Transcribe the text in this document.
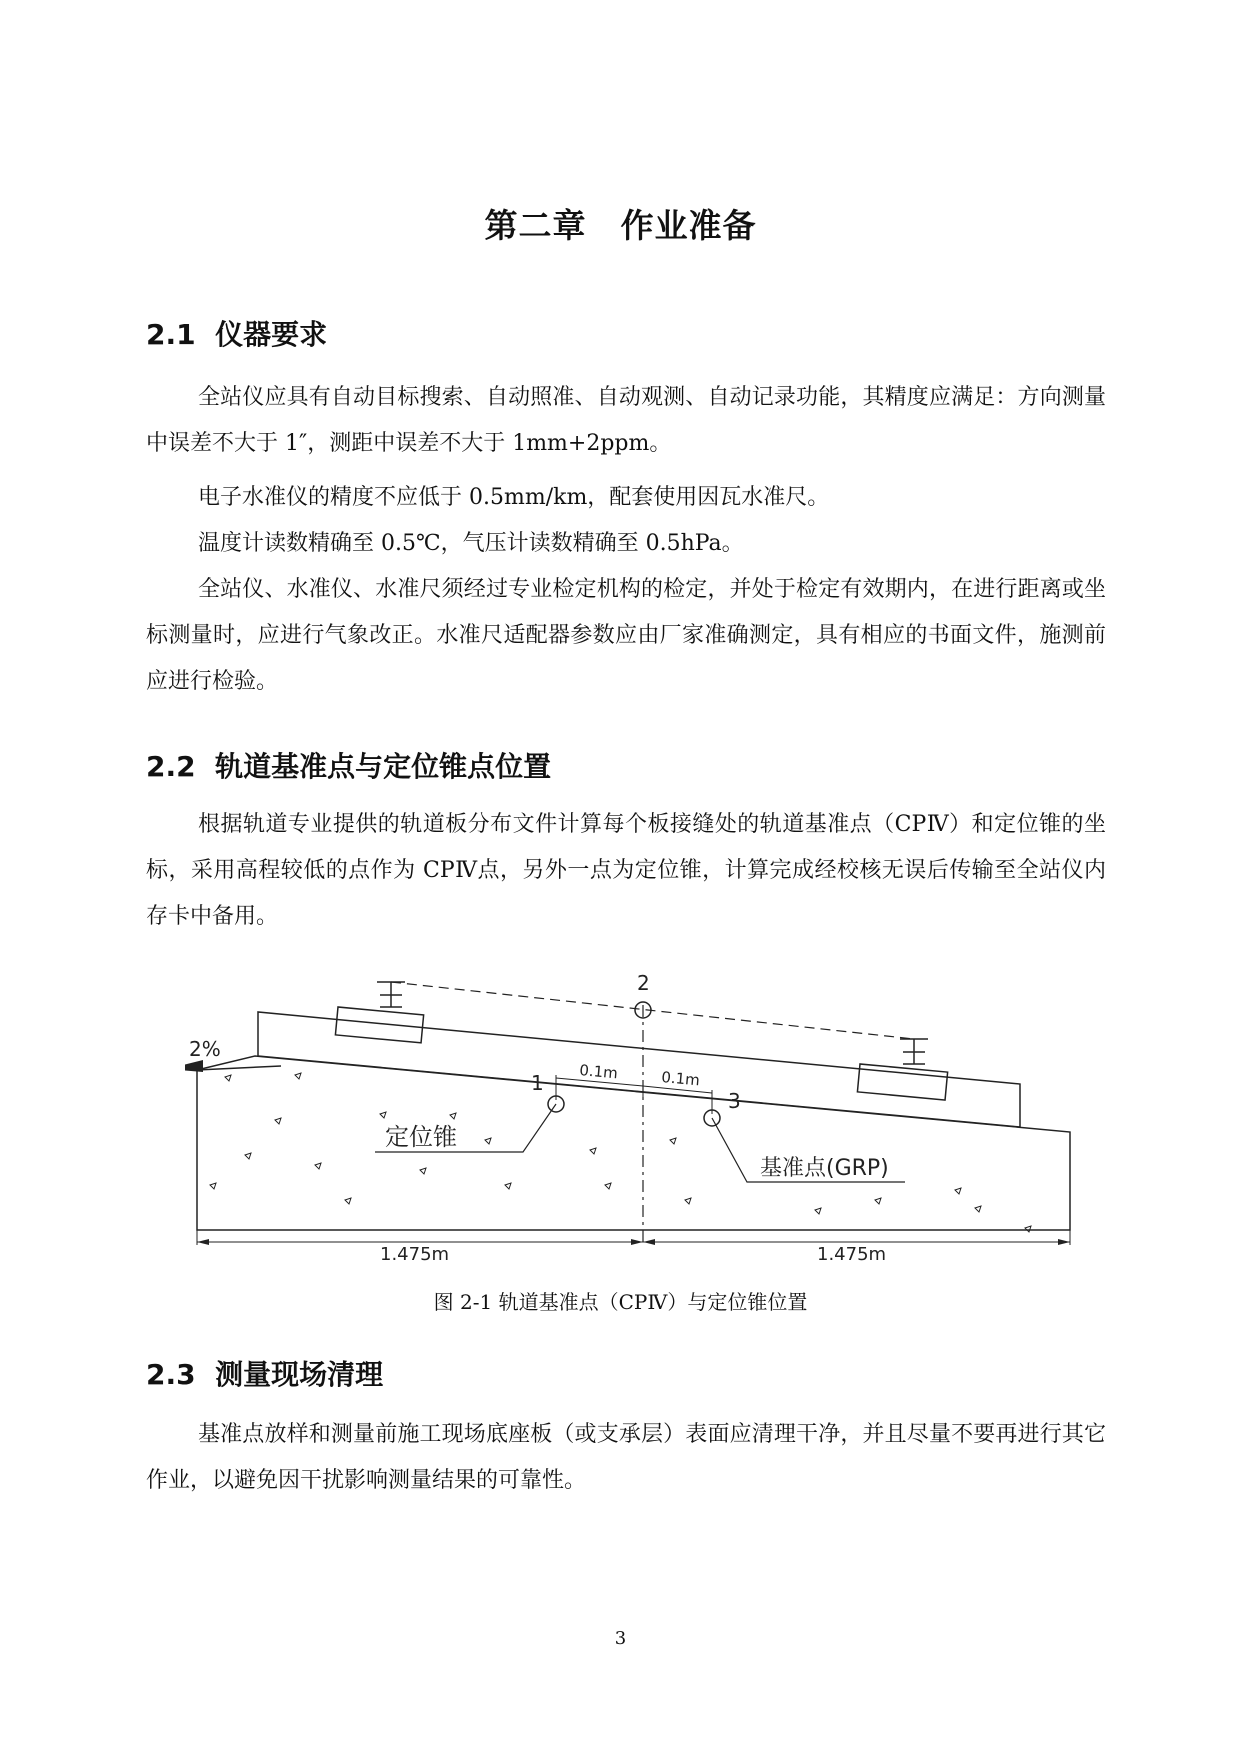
第二章　作业准备
2.1  仪器要求
全站仪应具有自动目标搜索、自动照准、自动观测、自动记录功能，其精度应满足：方向测量中误差不大于 1″，测距中误差不大于 1mm+2ppm。
电子水准仪的精度不应低于 0.5mm/km，配套使用因瓦水准尺。
温度计读数精确至 0.5℃，气压计读数精确至 0.5hPa。
全站仪、水准仪、水准尺须经过专业检定机构的检定，并处于检定有效期内，在进行距离或坐标测量时，应进行气象改正。水准尺适配器参数应由厂家准确测定，具有相应的书面文件，施测前应进行检验。
2.2  轨道基准点与定位锥点位置
根据轨道专业提供的轨道板分布文件计算每个板接缝处的轨道基准点（CPⅣ）和定位锥的坐标，采用高程较低的点作为 CPⅣ点，另外一点为定位锥，计算完成经校核无误后传输至全站仪内存卡中备用。
2%
2
1
3
0.1m	0.1m
定位锥
基准点(GRP)
1.475m	1.475m
图 2-1 轨道基准点（CPⅣ）与定位锥位置
2.3  测量现场清理
基准点放样和测量前施工现场底座板（或支承层）表面应清理干净，并且尽量不要再进行其它作业，以避免因干扰影响测量结果的可靠性。
3
